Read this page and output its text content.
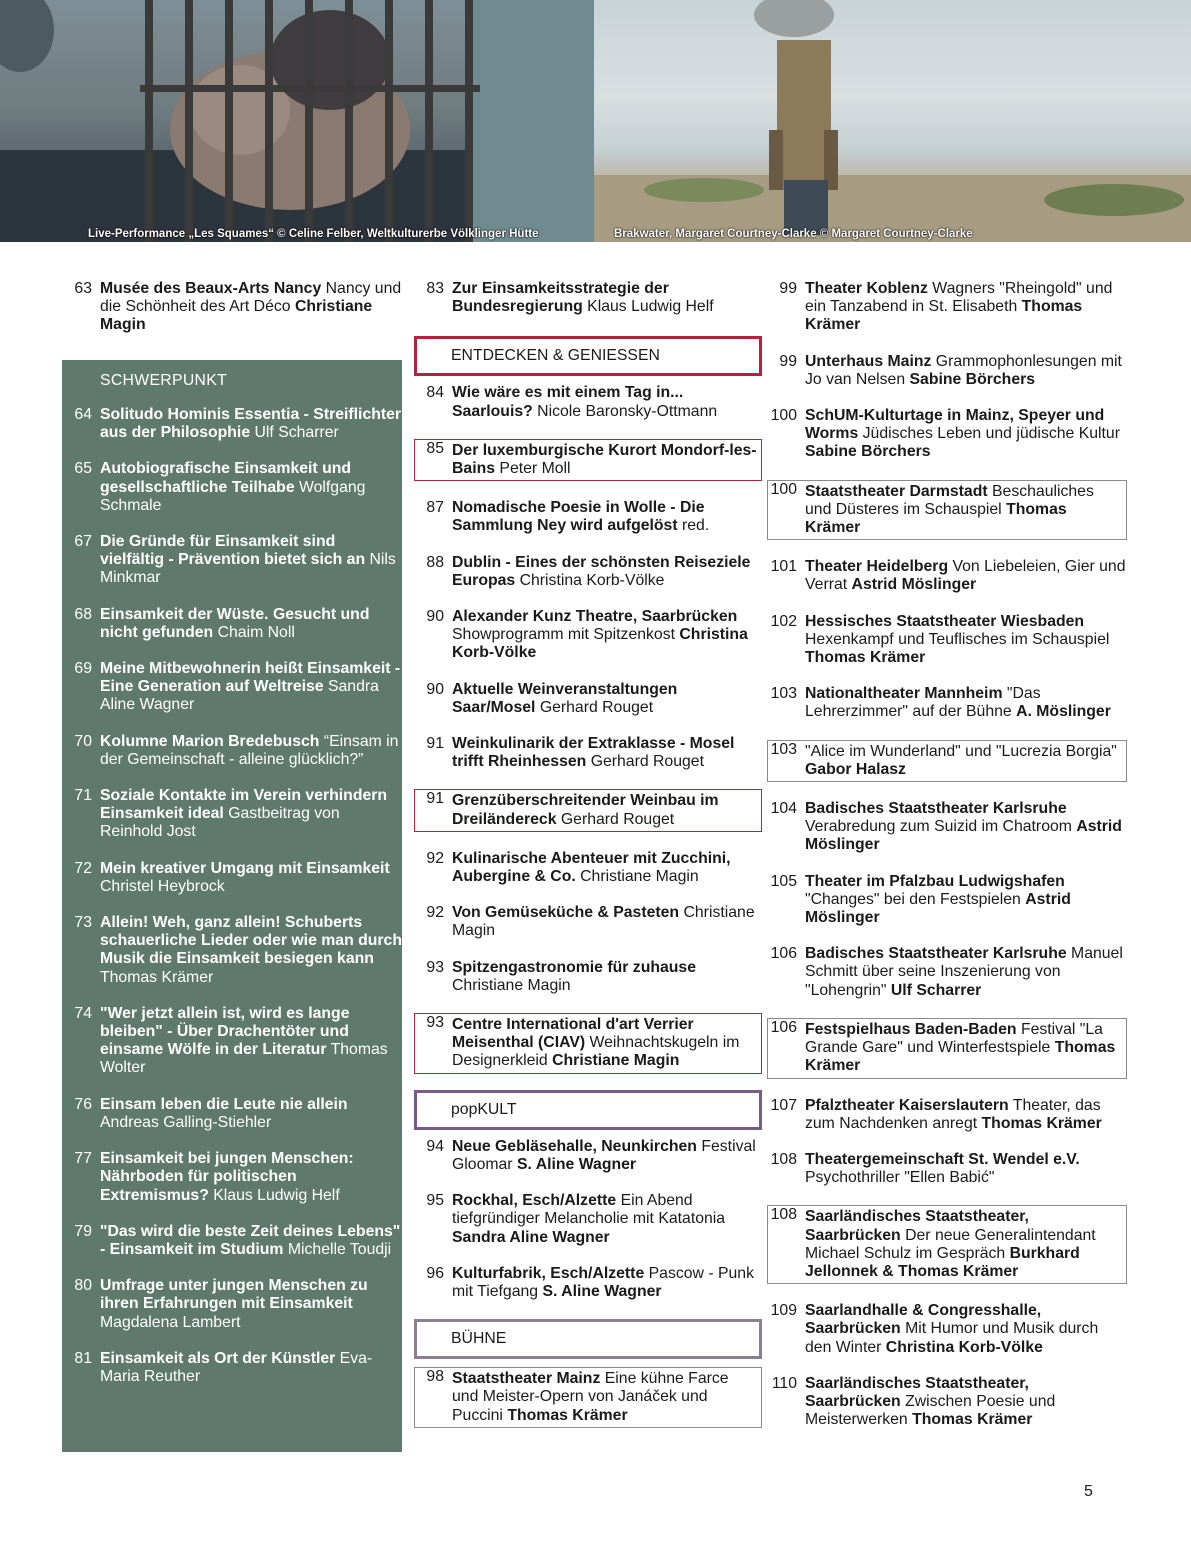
Live-Performance „Les Squames“ © Celine Felber, Weltkulturerbe Völklinger Hütte	Brakwater, Margaret Courtney-Clarke © Margaret Courtney-Clarke
63 Musée des Beaux-Arts Nancy Nancy und die Schönheit des Art Déco Christiane Magin
SCHWERPUNKT
64 Solitudo Hominis Essentia - Streiflichter aus der Philosophie Ulf Scharrer
65 Autobiografische Einsamkeit und gesellschaftliche Teilhabe Wolfgang Schmale
67 Die Gründe für Einsamkeit sind vielfältig - Prävention bietet sich an Nils Minkmar
68 Einsamkeit der Wüste. Gesucht und nicht gefunden Chaim Noll
69 Meine Mitbewohnerin heißt Einsamkeit - Eine Generation auf Weltreise Sandra Aline Wagner
70 Kolumne Marion Bredebusch “Einsam in der Gemeinschaft - alleine glücklich?”
71 Soziale Kontakte im Verein verhindern Einsamkeit ideal Gastbeitrag von Reinhold Jost
72 Mein kreativer Umgang mit Einsamkeit Christel Heybrock
73 Allein! Weh, ganz allein! Schuberts schauerliche Lieder oder wie man durch Musik die Einsamkeit besiegen kann Thomas Krämer
74 "Wer jetzt allein ist, wird es lange bleiben" - Über Drachentöter und einsame Wölfe in der Literatur Thomas Wolter
76 Einsam leben die Leute nie allein Andreas Galling-Stiehler
77 Einsamkeit bei jungen Menschen: Nährboden für politischen Extremismus? Klaus Ludwig Helf
79 "Das wird die beste Zeit deines Lebens" - Einsamkeit im Studium Michelle Toudji
80 Umfrage unter jungen Menschen zu ihren Erfahrungen mit Einsamkeit Magdalena Lambert
81 Einsamkeit als Ort der Künstler Eva-Maria Reuther
83 Zur Einsamkeitsstrategie der Bundesregierung Klaus Ludwig Helf
ENTDECKEN & GENIESSEN
84 Wie wäre es mit einem Tag in... Saarlouis? Nicole Baronsky-Ottmann
85 Der luxemburgische Kurort Mondorf-les-Bains Peter Moll
87 Nomadische Poesie in Wolle - Die Sammlung Ney wird aufgelöst red.
88 Dublin - Eines der schönsten Reiseziele Europas Christina Korb-Völke
90 Alexander Kunz Theatre, Saarbrücken Showprogramm mit Spitzenkost Christina Korb-Völke
90 Aktuelle Weinveranstaltungen Saar/Mosel Gerhard Rouget
91 Weinkulinarik der Extraklasse - Mosel trifft Rheinhessen Gerhard Rouget
91 Grenzüberschreitender Weinbau im Dreiländereck Gerhard Rouget
92 Kulinarische Abenteuer mit Zucchini, Aubergine & Co. Christiane Magin
92 Von Gemüseküche & Pasteten Christiane Magin
93 Spitzengastronomie für zuhause Christiane Magin
93 Centre International d'art Verrier Meisenthal (CIAV) Weihnachtskugeln im Designerkleid Christiane Magin
popKULT
94 Neue Gebläsehalle, Neunkirchen Festival Gloomar S. Aline Wagner
95 Rockhal, Esch/Alzette Ein Abend tiefgründiger Melancholie mit Katatonia Sandra Aline Wagner
96 Kulturfabrik, Esch/Alzette Pascow - Punk mit Tiefgang S. Aline Wagner
BÜHNE
98 Staatstheater Mainz Eine kühne Farce und Meister-Opern von Janáček und Puccini Thomas Krämer
99 Theater Koblenz Wagners "Rheingold" und ein Tanzabend in St. Elisabeth Thomas Krämer
99 Unterhaus Mainz Grammophonlesungen mit Jo van Nelsen Sabine Börchers
100 SchUM-Kulturtage in Mainz, Speyer und Worms Jüdisches Leben und jüdische Kultur Sabine Börchers
100 Staatstheater Darmstadt Beschauliches und Düsteres im Schauspiel Thomas Krämer
101 Theater Heidelberg Von Liebeleien, Gier und Verrat Astrid Möslinger
102 Hessisches Staatstheater Wiesbaden Hexenkampf und Teuflisches im Schauspiel Thomas Krämer
103 Nationaltheater Mannheim "Das Lehrerzimmer" auf der Bühne A. Möslinger
103 "Alice im Wunderland" und "Lucrezia Borgia" Gabor Halasz
104 Badisches Staatstheater Karlsruhe Verabredung zum Suizid im Chatroom Astrid Möslinger
105 Theater im Pfalzbau Ludwigshafen "Changes" bei den Festspielen Astrid Möslinger
106 Badisches Staatstheater Karlsruhe Manuel Schmitt über seine Inszenierung von "Lohengrin" Ulf Scharrer
106 Festspielhaus Baden-Baden Festival "La Grande Gare" und Winterfestspiele Thomas Krämer
107 Pfalztheater Kaiserslautern Theater, das zum Nachdenken anregt Thomas Krämer
108 Theatergemeinschaft St. Wendel e.V. Psychothriller "Ellen Babić"
108 Saarländisches Staatstheater, Saarbrücken Der neue Generalintendant Michael Schulz im Gespräch Burkhard Jellonnek & Thomas Krämer
109 Saarlandhalle & Congresshalle, Saarbrücken Mit Humor und Musik durch den Winter Christina Korb-Völke
110 Saarländisches Staatstheater, Saarbrücken Zwischen Poesie und Meisterwerken Thomas Krämer
5
